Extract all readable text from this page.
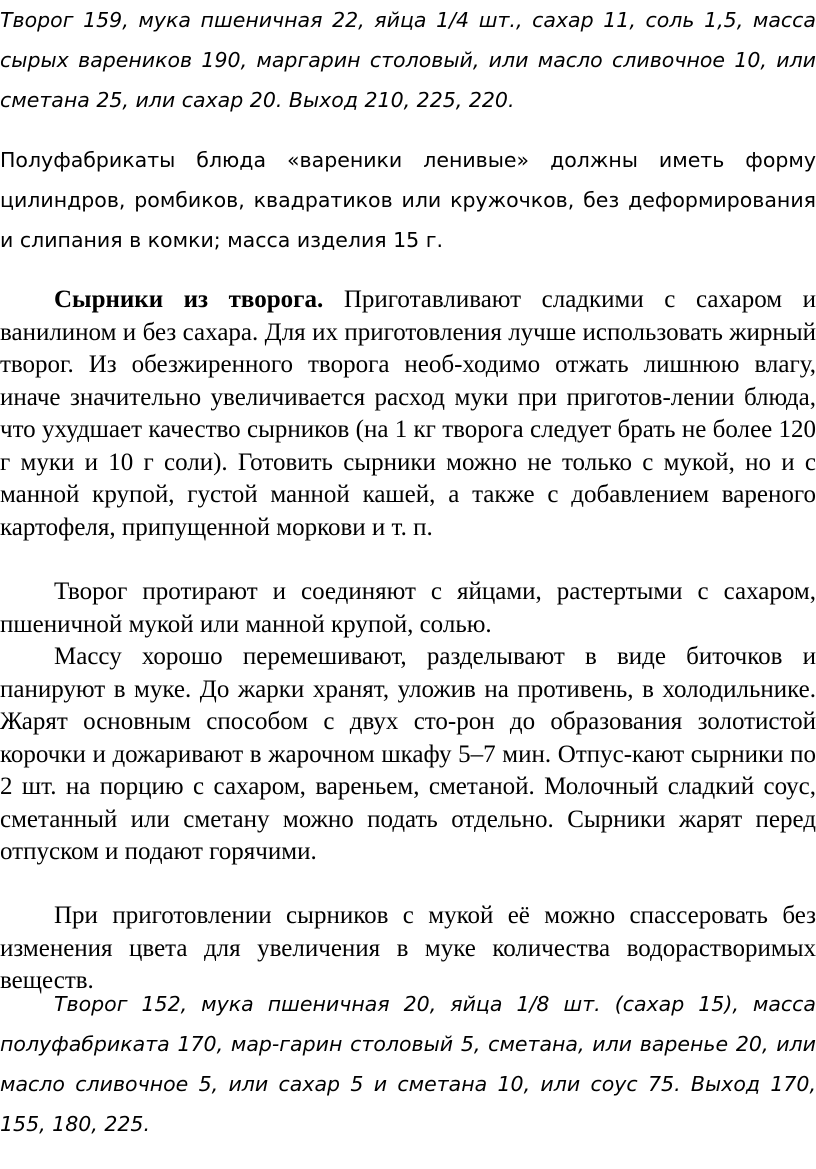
Творог 159, мука пшеничная 22, яйца 1/4 шт., сахар 11, соль 1,5, масса сырых вареников 190, маргарин столовый, или масло сливочное 10, или сметана 25, или сахар 20. Выход 210, 225, 220.

Полуфабрикаты блюда «вареники ленивые» должны иметь форму цилиндров, ромбиков, квадратиков или кружочков, без деформирования и слипания в комки; масса изделия 15 г.

Сырники из творога. Приготавливают сладкими с сахаром и ванилином и без сахара. Для их приготовления лучше использовать жирный творог. Из обезжиренного творога необ-ходимо отжать лишнюю влагу, иначе значительно увеличивается расход муки при приготов-лении блюда, что ухудшает качество сырников (на 1 кг творога следует брать не более 120 г муки и 10 г соли). Готовить сырники можно не только с мукой, но и с манной крупой, густой манной кашей, а также с добавлением вареного картофеля, припущенной моркови и т. п.

Творог протирают и соединяют с яйцами, растертыми с сахаром, пшеничной мукой или манной крупой, солью.

Массу хорошо перемешивают, разделывают в виде биточков и панируют в муке. До жарки хранят, уложив на противень, в холодильнике. Жарят основным способом с двух сто-рон до образования золотистой корочки и дожаривают в жарочном шкафу 5–7 мин. Отпус-кают сырники по 2 шт. на порцию с сахаром, вареньем, сметаной. Молочный сладкий соус, сметанный или сметану можно подать отдельно. Сырники жарят перед отпуском и подают горячими.

При приготовлении сырников с мукой её можно спассеровать без изменения цвета для увеличения в муке количества водорастворимых веществ.

Творог 152, мука пшеничная 20, яйца 1/8 шт. (сахар 15), масса полуфабриката 170, мар-гарин столовый 5, сметана, или варенье 20, или масло сливочное 5, или сахар 5 и сметана 10, или соус 75. Выход 170, 155, 180, 225.
